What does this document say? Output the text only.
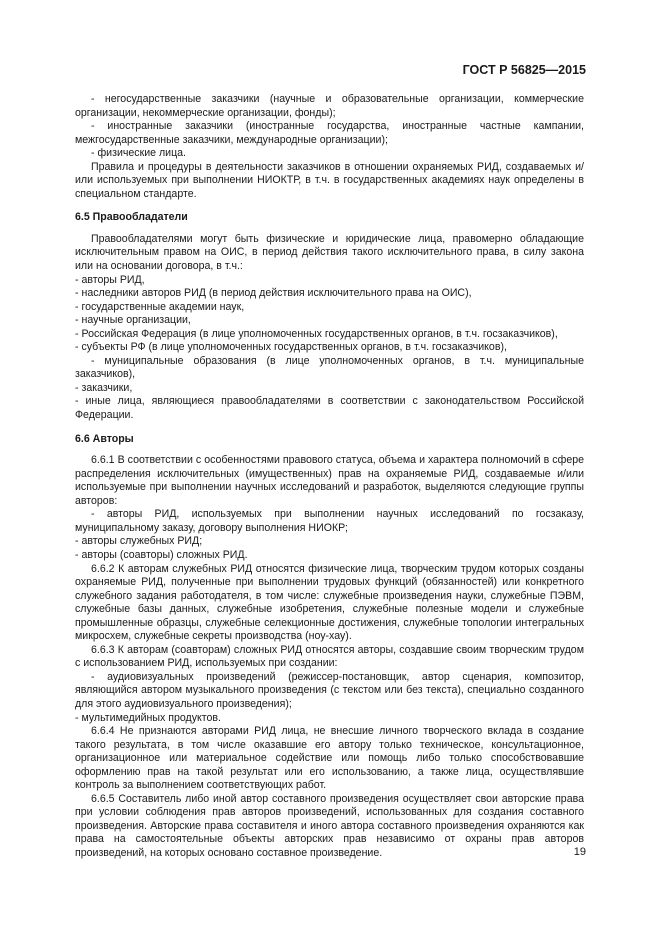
ГОСТ Р 56825—2015

- негосударственные заказчики (научные и образовательные организации, коммерческие организации, некоммерческие организации, фонды);

- иностранные заказчики (иностранные государства, иностранные частные кампании, межгосударственные заказчики, международные организации);

- физические лица.

Правила и процедуры в деятельности заказчиков в отношении охраняемых РИД, создаваемых и/или используемых при выполнении НИОКТР, в т.ч. в государственных академиях наук определены в специальном стандарте.

6.5 Правообладатели

Правообладателями могут быть физические и юридические лица, правомерно обладающие исключительным правом на ОИС, в период действия такого исключительного права, в силу закона или на основании договора, в т.ч.:

- авторы РИД,

- наследники авторов РИД (в период действия исключительного права на ОИС),

- государственные академии наук,

- научные организации,

- Российская Федерация (в лице уполномоченных государственных органов, в т.ч. госзаказчиков),

- субъекты РФ (в лице уполномоченных государственных органов, в т.ч. госзаказчиков),

- муниципальные образования (в лице уполномоченных органов, в т.ч. муниципальные заказчиков),

- заказчики,

- иные лица, являющиеся правообладателями в соответствии с законодательством Российской Федерации.

6.6 Авторы

6.6.1 В соответствии с особенностями правового статуса, объема и характера полномочий в сфере распределения исключительных (имущественных) прав на охраняемые РИД, создаваемые и/или используемые при выполнении научных исследований и разработок, выделяются следующие группы авторов:

- авторы РИД, используемых при выполнении научных исследований по госзаказу, муниципальному заказу, договору выполнения НИОКР;

- авторы служебных РИД;

- авторы (соавторы) сложных РИД.

6.6.2 К авторам служебных РИД относятся физические лица, творческим трудом которых созданы охраняемые РИД, полученные при выполнении трудовых функций (обязанностей) или конкретного служебного задания работодателя, в том числе: служебные произведения науки, служебные ПЭВМ, служебные базы данных, служебные изобретения, служебные полезные модели и служебные промышленные образцы, служебные селекционные достижения, служебные топологии интегральных микросхем, служебные секреты производства (ноу-хау).

6.6.3 К авторам (соавторам) сложных РИД относятся авторы, создавшие своим творческим трудом с использованием РИД, используемых при создании:

- аудиовизуальных произведений (режиссер-постановщик, автор сценария, композитор, являющийся автором музыкального произведения (с текстом или без текста), специально созданного для этого аудиовизуального произведения);

- мультимедийных продуктов.

6.6.4 Не признаются авторами РИД лица, не внесшие личного творческого вклада в создание такого результата, в том числе оказавшие его автору только техническое, консультационное, организационное или материальное содействие или помощь либо только способствовавшие оформлению прав на такой результат или его использованию, а также лица, осуществлявшие контроль за выполнением соответствующих работ.

6.6.5 Составитель либо иной автор составного произведения осуществляет свои авторские права при условии соблюдения прав авторов произведений, использованных для создания составного произведения. Авторские права составителя и иного автора составного произведения охраняются как права на самостоятельные объекты авторских прав независимо от охраны прав авторов произведений, на которых основано составное произведение.	19
